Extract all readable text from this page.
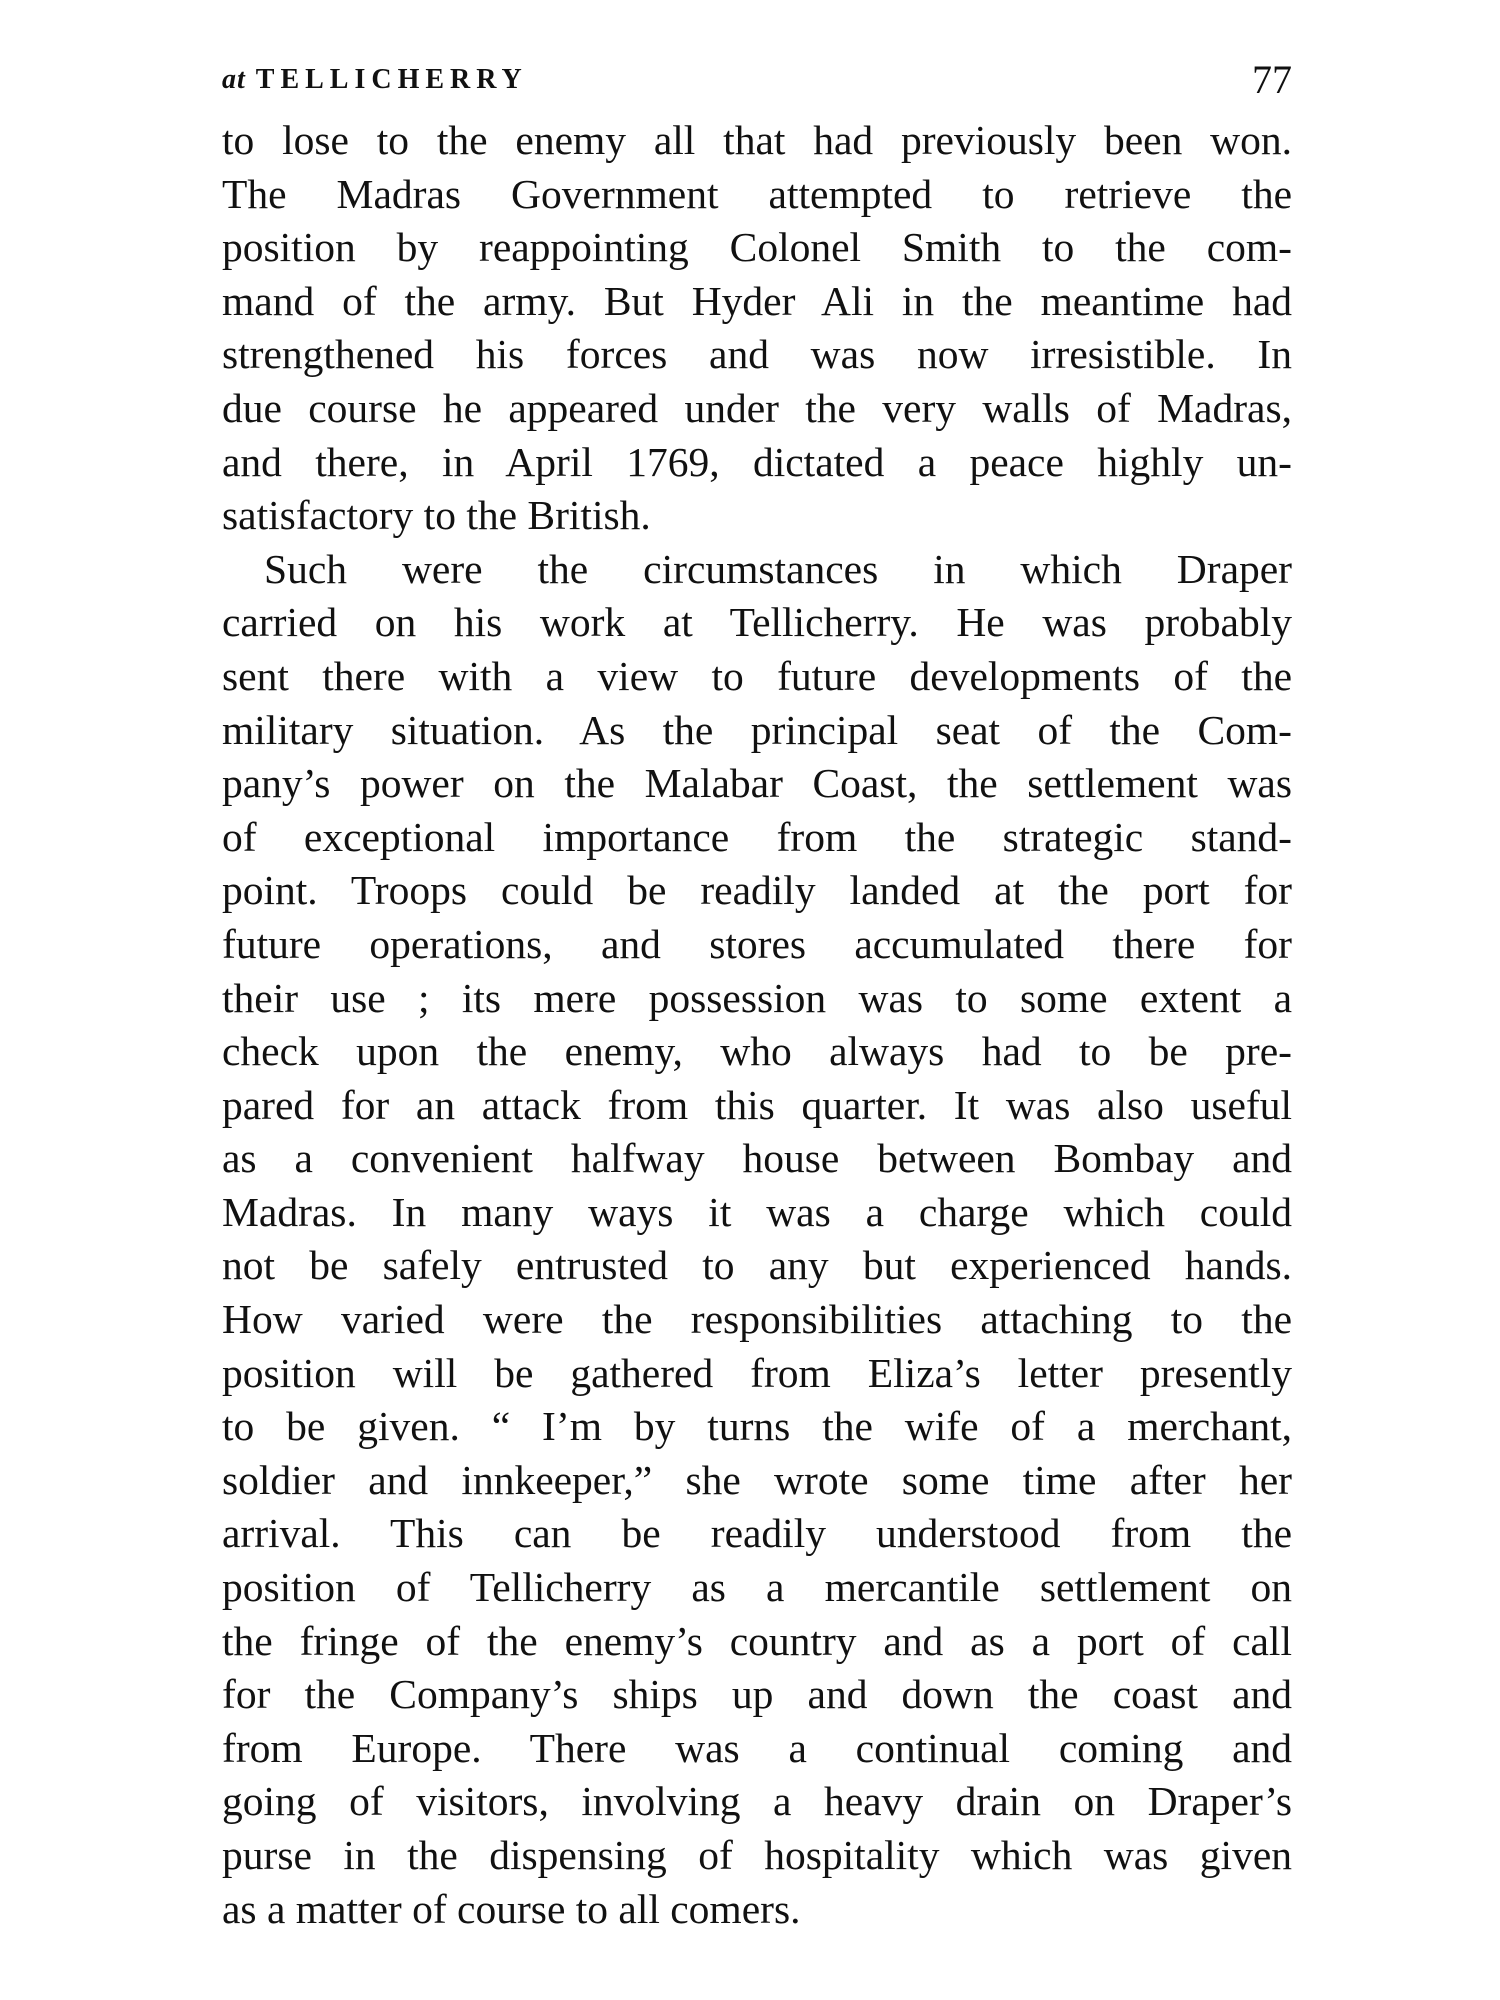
at TELLICHERRY	77
to lose to the enemy all that had previously been won.
The Madras Government attempted to retrieve the
position by reappointing Colonel Smith to the com-
mand of the army. But Hyder Ali in the meantime had
strengthened his forces and was now irresistible. In
due course he appeared under the very walls of Madras,
and there, in April 1769, dictated a peace highly un-
satisfactory to the British.
Such were the circumstances in which Draper
carried on his work at Tellicherry. He was probably
sent there with a view to future developments of the
military situation. As the principal seat of the Com-
pany’s power on the Malabar Coast, the settlement was
of exceptional importance from the strategic stand-
point. Troops could be readily landed at the port for
future operations, and stores accumulated there for
their use ; its mere possession was to some extent a
check upon the enemy, who always had to be pre-
pared for an attack from this quarter. It was also useful
as a convenient halfway house between Bombay and
Madras. In many ways it was a charge which could
not be safely entrusted to any but experienced hands.
How varied were the responsibilities attaching to the
position will be gathered from Eliza’s letter presently
to be given. “ I’m by turns the wife of a merchant,
soldier and innkeeper,” she wrote some time after her
arrival. This can be readily understood from the
position of Tellicherry as a mercantile settlement on
the fringe of the enemy’s country and as a port of call
for the Company’s ships up and down the coast and
from Europe. There was a continual coming and
going of visitors, involving a heavy drain on Draper’s
purse in the dispensing of hospitality which was given
as a matter of course to all comers.
